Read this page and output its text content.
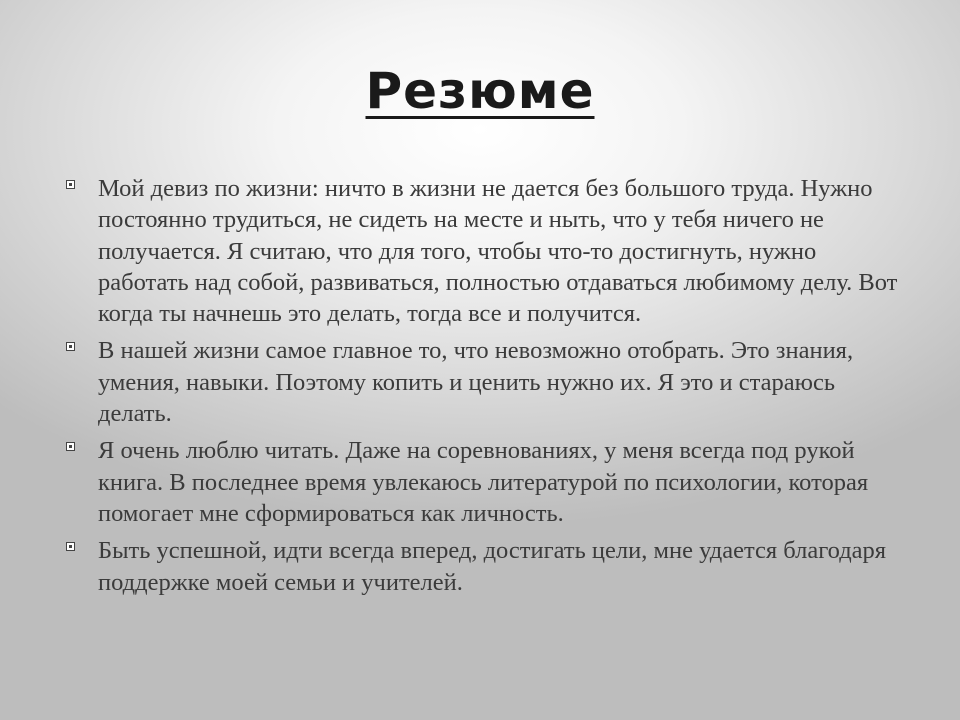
Резюме
Мой девиз по жизни: ничто в жизни не дается без большого труда. Нужно постоянно трудиться, не сидеть на месте и ныть, что у тебя ничего не получается. Я считаю, что для того, чтобы что-то достигнуть, нужно работать над собой, развиваться, полностью отдаваться любимому делу. Вот когда ты начнешь это делать, тогда все и получится.
В нашей жизни самое главное то, что невозможно отобрать. Это знания, умения, навыки. Поэтому копить и ценить нужно их. Я это и стараюсь делать.
Я очень люблю читать. Даже на соревнованиях, у меня всегда под рукой книга. В последнее время увлекаюсь литературой по психологии, которая помогает мне сформироваться как личность.
Быть успешной, идти всегда вперед, достигать цели, мне удается благодаря поддержке моей семьи и учителей.
